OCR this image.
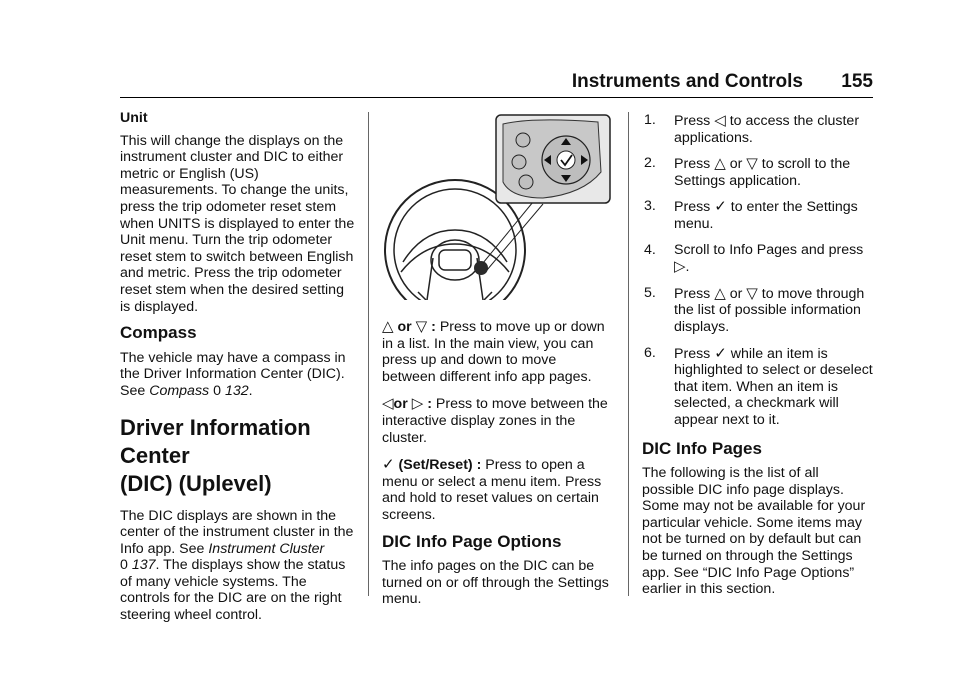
Instruments and Controls 155
Unit

This will change the displays on the instrument cluster and DIC to either metric or English (US) measurements. To change the units, press the trip odometer reset stem when UNITS is displayed to enter the Unit menu. Turn the trip odometer reset stem to switch between English and metric. Press the trip odometer reset stem when the desired setting is displayed.

Compass

The vehicle may have a compass in the Driver Information Center (DIC). See Compass 0 132.

Driver Information Center
(DIC) (Uplevel)

The DIC displays are shown in the center of the instrument cluster in the Info app. See Instrument Cluster
0 137. The displays show the status of many vehicle systems. The controls for the DIC are on the right steering wheel control.

△ or ▽ : Press to move up or down in a list. In the main view, you can press up and down to move between different info app pages.

◁or ▷ : Press to move between the interactive display zones in the cluster.

✓ (Set/Reset) : Press to open a menu or select a menu item. Press and hold to reset values on certain screens.

DIC Info Page Options

The info pages on the DIC can be turned on or off through the Settings menu.

1. Press ◁ to access the cluster applications.
2. Press △ or ▽ to scroll to the Settings application.
3. Press ✓ to enter the Settings menu.
4. Scroll to Info Pages and press ▷.
5. Press △ or ▽ to move through the list of possible information displays.
6. Press ✓ while an item is highlighted to select or deselect that item. When an item is selected, a checkmark will appear next to it.
DIC Info Pages

The following is the list of all possible DIC info page displays. Some may not be available for your particular vehicle. Some items may not be turned on by default but can be turned on through the Settings app. See “DIC Info Page Options” earlier in this section.
